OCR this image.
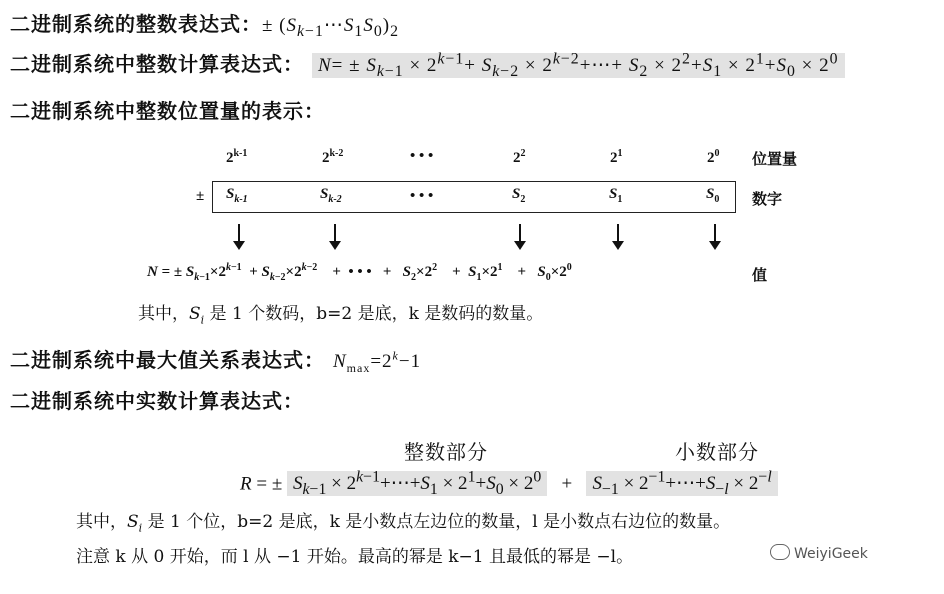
二进制系统的整数表达式：± $(S_{k-1}\cdots S_1S_0)_2$
二进制系统中整数计算表达式： $N= \pm S_{k-1} \times 2^{k-1}+ S_{k-2}$ × $2^{k-2}+\cdots+ S_2 \times 2^2+S_1 \times 2^1+S_0 \times 2^0$
二进制系统中整数位置量的表示：
2$^{k-1}$	2$^{k-2}$	• • •	$2^2$	$2^1$	$2^0$ 位置量
± $S_{k-1}$	$S_{k-2}$	• • •	$S_2$	$S_1$	$S_0$ 数字
N = ± $S_{k-1}\times 2^{k-1} + S_{k-2}\times 2^{k-2}$    +  • • •   +   $S_2\times 2^2$    +  $S_1\times 2^1$    +   $S_0\times 2^0$	值
其中，$S_i$ 是 1 个数码，b=2 是底，k 是数码的数量。
二进制系统中最大值关系表达式： $N_{max}=2^k-1$
二进制系统中实数计算表达式：
整数部分	小数部分
R = ± $S_{k-1}$ × $2^{k-1}+\cdots+S_1 \times 2^1+S_0 \times 2^0 + S_{-1}$ × $2^{-1}+\cdots+S_{-l} \times 2^{-l}$
其中，$S_i$ 是 1 个位，b=2 是底，k 是小数点左边位的数量，l 是小数点右边位的数量。
注意 k 从 0 开始，而 l 从 −1 开始。最高的幂是 k−1 且最低的幂是 −l。	WeiyiGeek
